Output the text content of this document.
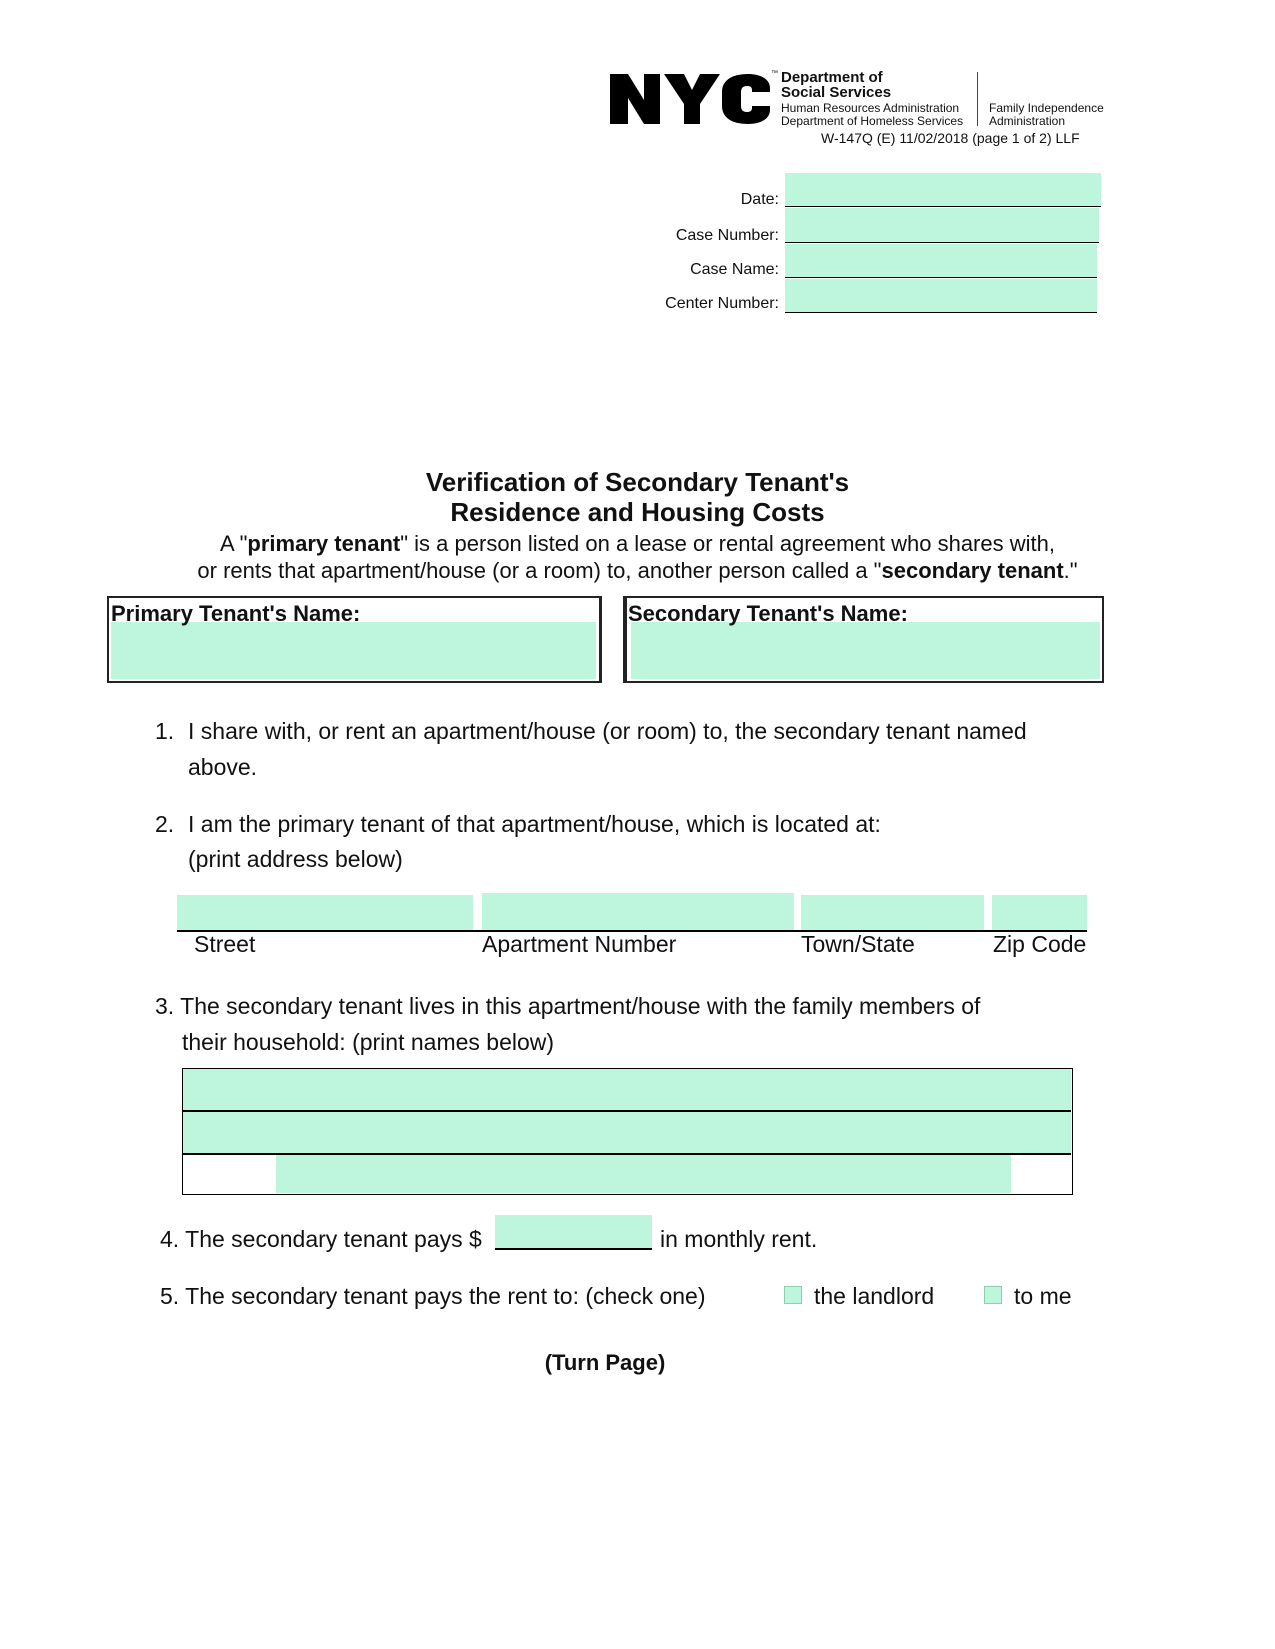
™ Department of
Social Services
Human Resources Administration
Department of Homeless Services
Family Independence
Administration
W-147Q (E) 11/02/2018 (page 1 of 2) LLF
Date:
Case Number:
Case Name:
Center Number:
Verification of Secondary Tenant's
Residence and Housing Costs
A "primary tenant" is a person listed on a lease or rental agreement who shares with,
or rents that apartment/house (or a room) to, another person called a "secondary tenant."
Primary Tenant's Name:	Secondary Tenant's Name:
1. I share with, or rent an apartment/house (or room) to, the secondary tenant named
above.
2. I am the primary tenant of that apartment/house, which is located at:
(print address below)
Street	Apartment Number	Town/State	Zip Code
3. The secondary tenant lives in this apartment/house with the family members of
their household: (print names below)
4. The secondary tenant pays $	in monthly rent.
5. The secondary tenant pays the rent to: (check one)	the landlord	to me
(Turn Page)
